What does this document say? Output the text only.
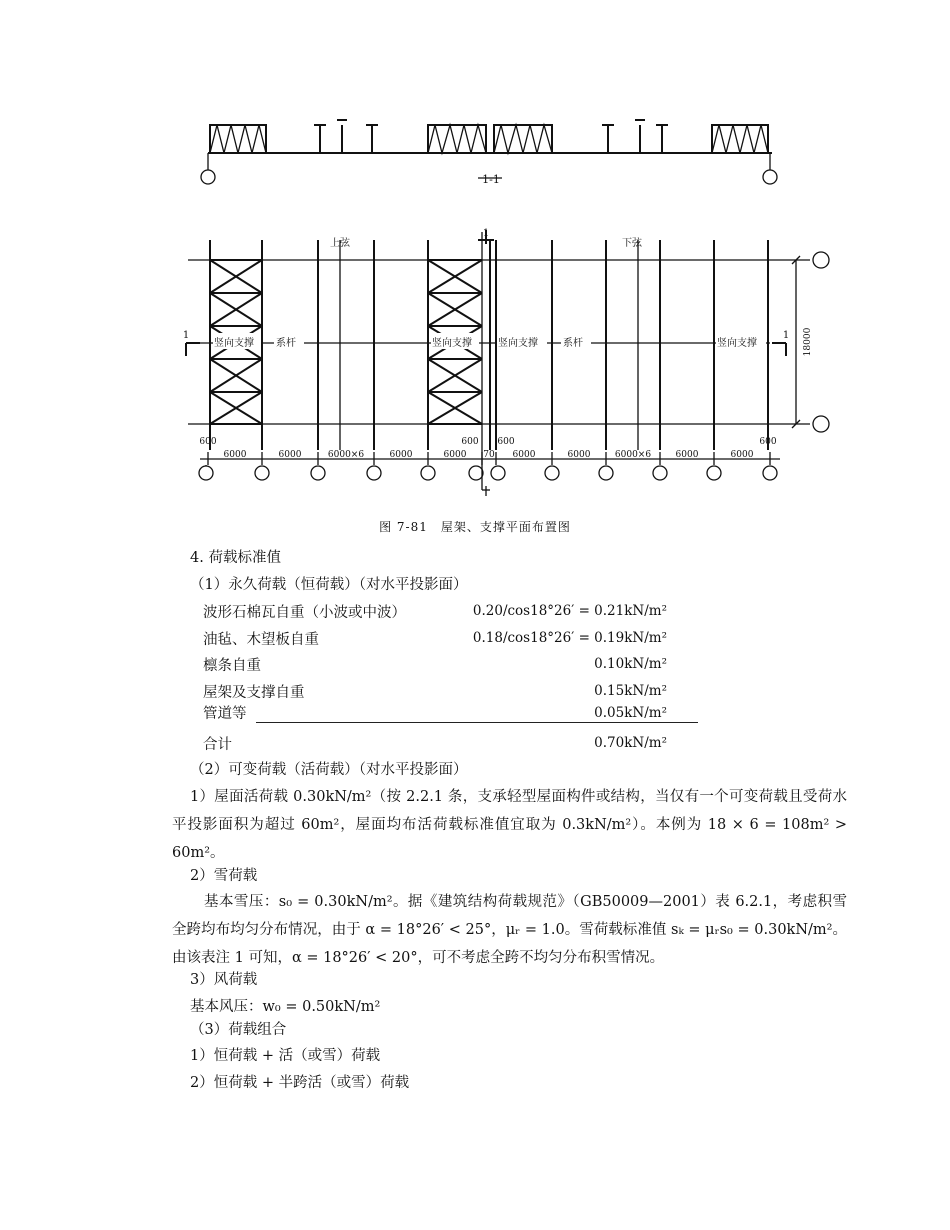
1-1
上弦	下弦
竖向支撑 系杆	竖向支撑	竖向支撑	系杆	竖向支撑
1	1
1
18000
600	600 600	600
70
6000	6000	6000×6	6000	6000	6000	6000	6000×6	6000	6000
图 7-81　屋架、支撑平面布置图
4. 荷载标准值
（1）永久荷载（恒荷载）（对水平投影面）
波形石棉瓦自重（小波或中波）	0.20/cos18°26′ = 0.21kN/m²
油毡、木望板自重	0.18/cos18°26′ = 0.19kN/m²
檩条自重	0.10kN/m²
屋架及支撑自重	0.15kN/m²
管道等	0.05kN/m²
合计	0.70kN/m²
（2）可变荷载（活荷载）（对水平投影面）
1）屋面活荷载 0.30kN/m²（按 2.2.1 条，支承轻型屋面构件或结构，当仅有一个可变荷载且受荷水平投影面积为超过 60m²，屋面均布活荷载标准值宜取为 0.3kN/m²）。本例为 18 × 6 = 108m² > 60m²。
2）雪荷载
基本雪压：s₀ = 0.30kN/m²。据《建筑结构荷载规范》（GB50009—2001）表 6.2.1，考虑积雪全跨均布均匀分布情况，由于 α = 18°26′ < 25°，μᵣ = 1.0。雪荷载标准值 sₖ = μᵣs₀ = 0.30kN/m²。由该表注 1 可知，α = 18°26′ < 20°，可不考虑全跨不均匀分布积雪情况。
3）风荷载
基本风压：w₀ = 0.50kN/m²
（3）荷载组合
1）恒荷载 + 活（或雪）荷载
2）恒荷载 + 半跨活（或雪）荷载
